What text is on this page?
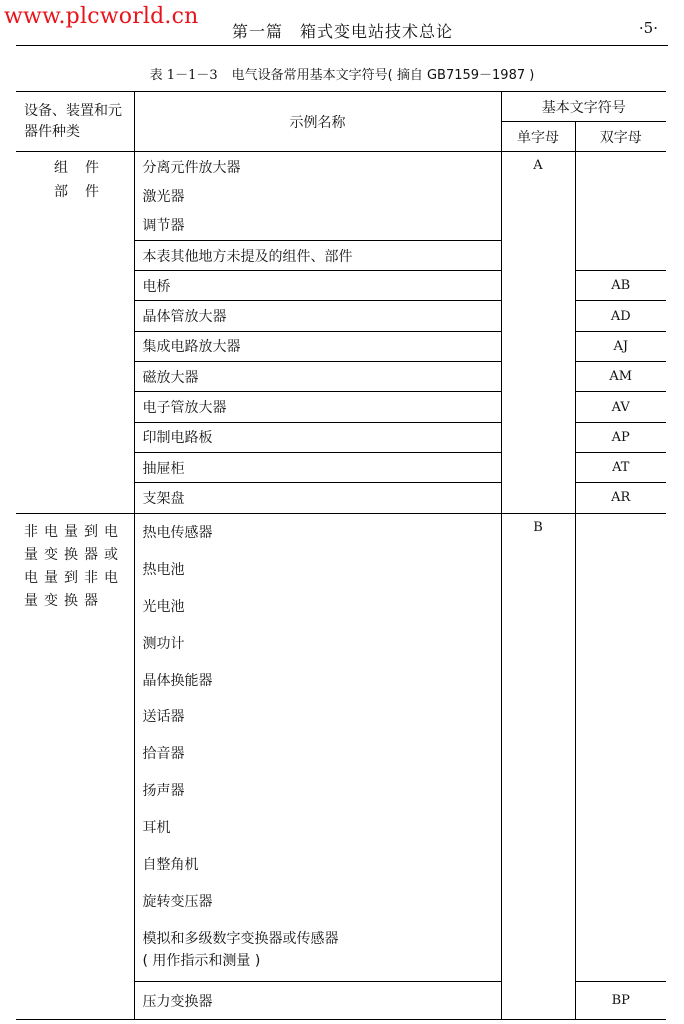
www.plcworld.cn
第一篇　箱式变电站技术总论	·5·
表 1－1－3 电气设备常用基本文字符号( 摘自 GB7159－1987 )
设备、装置和元器件种类	示例名称	基本文字符号	
		单字母	双字母

组件
部件	分离元件放大器	A	
	激光器		
	调节器		
	本表其他地方未提及的组件、部件		
	电桥		AB
	晶体管放大器		AD
	集成电路放大器		AJ
	磁放大器		AM
	电子管放大器		AV
	印制电路板		AP
	抽屉柜		AT
	支架盘		AR
非电量到电量变换器或电量到非电量变换器	热电传感器	B	
	热电池		
	光电池		
	测功计		
	晶体换能器		
	送话器		
	拾音器		
	扬声器		
	耳机		
	自整角机		
	旋转变压器		

	模拟和多级数字变换器或传感器
( 用作指示和测量 )		

	压力变换器		BP
